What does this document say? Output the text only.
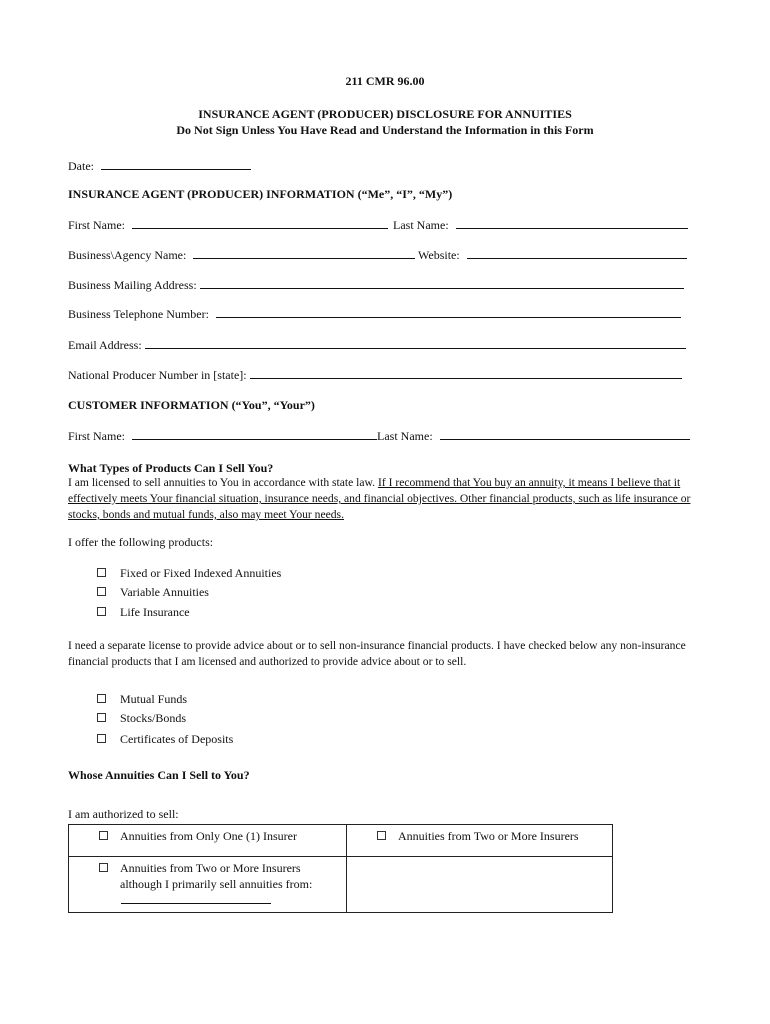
211 CMR 96.00
INSURANCE AGENT (PRODUCER) DISCLOSURE FOR ANNUITIES
Do Not Sign Unless You Have Read and Understand the Information in this Form
Date:
INSURANCE AGENT (PRODUCER) INFORMATION (“Me”, “I”, “My”)
First Name:	Last Name:
Business\Agency Name:	Website:
Business Mailing Address:
Business Telephone Number:
Email Address:
National Producer Number in [state]:
CUSTOMER INFORMATION (“You”, “Your”)
First Name:	Last Name:
What Types of Products Can I Sell You?
I am licensed to sell annuities to You in accordance with state law. If I recommend that You buy an annuity, it means I believe that it effectively meets Your financial situation, insurance needs, and financial objectives. Other financial products, such as life insurance or stocks, bonds and mutual funds, also may meet Your needs.
I offer the following products:
Fixed or Fixed Indexed Annuities
Variable Annuities
Life Insurance
I need a separate license to provide advice about or to sell non-insurance financial products. I have checked below any non-insurance financial products that I am licensed and authorized to provide advice about or to sell.
Mutual Funds
Stocks/Bonds
Certificates of Deposits
Whose Annuities Can I Sell to You?
I am authorized to sell:
Annuities from Only One (1) Insurer	Annuities from Two or More Insurers

Annuities from Two or More Insurers although I primarily sell annuities from:	
